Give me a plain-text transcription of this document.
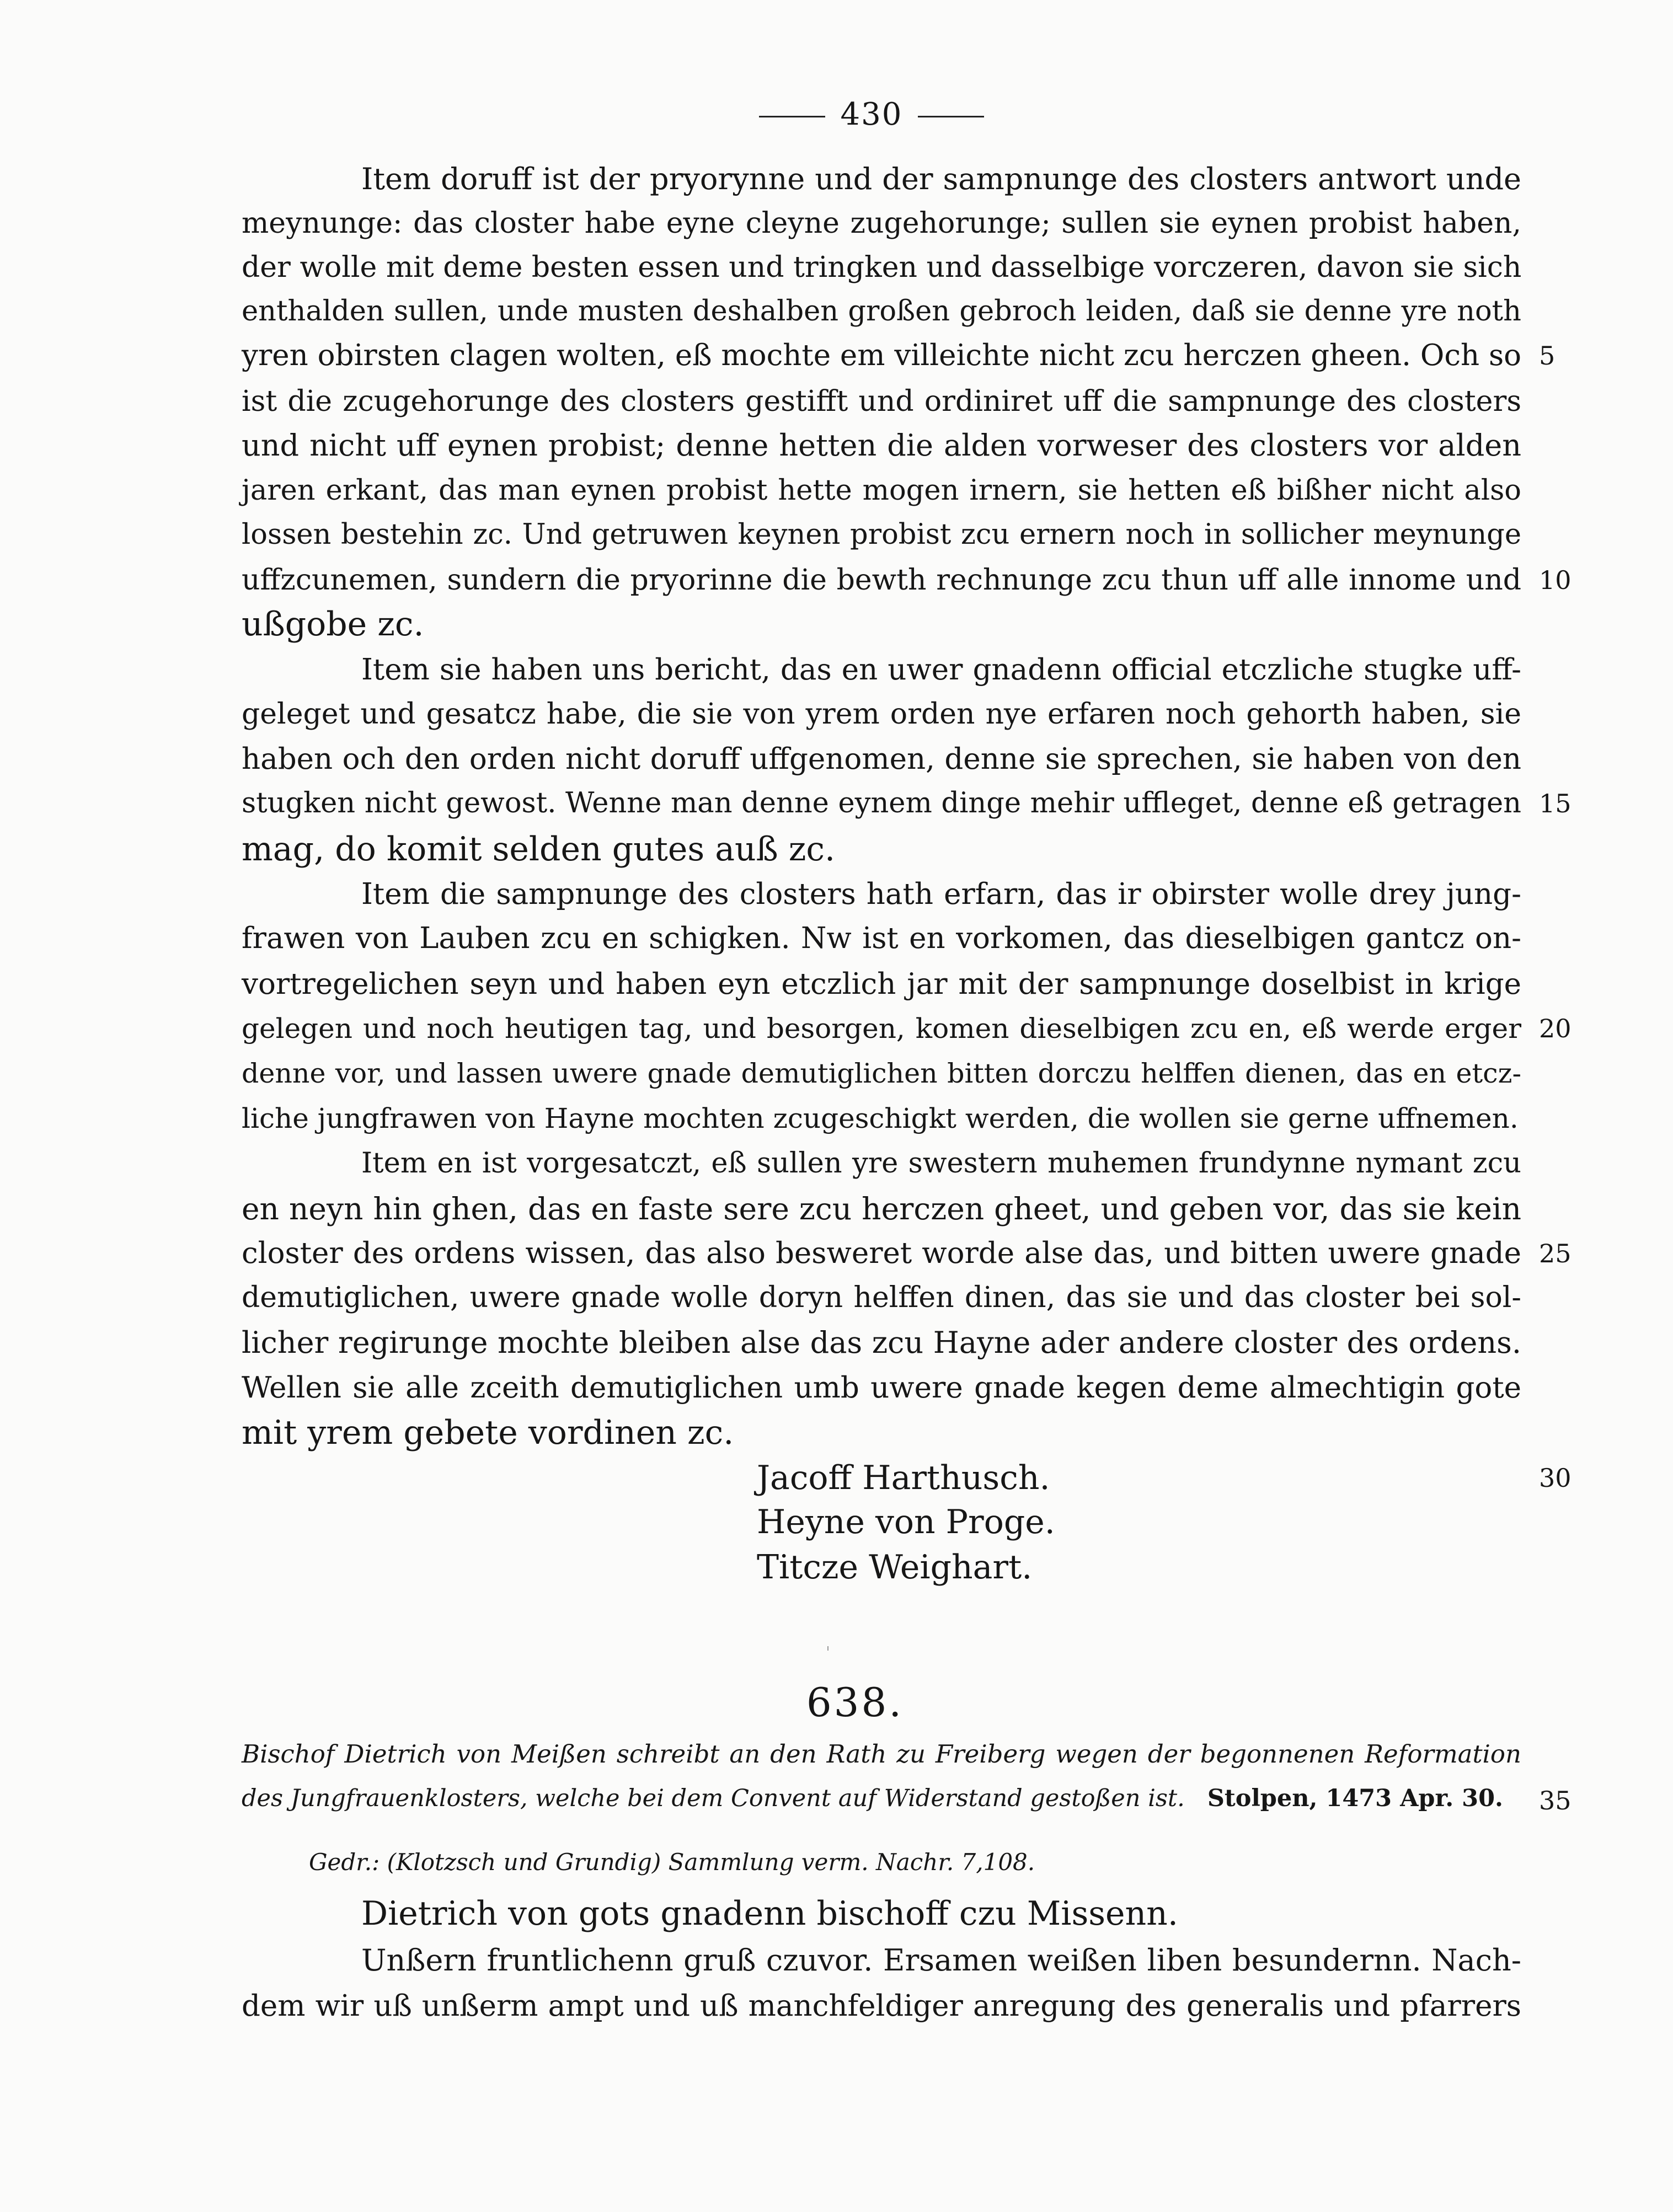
430
Item doruff ist der pryorynne und der sampnunge des closters antwort unde
meynunge: das closter habe eyne cleyne zugehorunge; sullen sie eynen probist haben,
der wolle mit deme besten essen und tringken und dasselbige vorczeren, davon sie sich
enthalden sullen, unde musten deshalben großen gebroch leiden, daß sie denne yre noth
yren obirsten clagen wolten, eß mochte em villeichte nicht zcu herczen gheen. Och so
ist die zcugehorunge des closters gestifft und ordiniret uff die sampnunge des closters
und nicht uff eynen probist; denne hetten die alden vorweser des closters vor alden
jaren erkant, das man eynen probist hette mogen irnern, sie hetten eß bißher nicht also
lossen bestehin zc. Und getruwen keynen probist zcu ernern noch in sollicher meynunge
uffzcunemen, sundern die pryorinne die bewth rechnunge zcu thun uff alle innome und
ußgobe zc.
Item sie haben uns bericht, das en uwer gnadenn official etczliche stugke uff-
geleget und gesatcz habe, die sie von yrem orden nye erfaren noch gehorth haben, sie
haben och den orden nicht doruff uffgenomen, denne sie sprechen, sie haben von den
stugken nicht gewost. Wenne man denne eynem dinge mehir uffleget, denne eß getragen
mag, do komit selden gutes auß zc.
Item die sampnunge des closters hath erfarn, das ir obirster wolle drey jung-
frawen von Lauben zcu en schigken. Nw ist en vorkomen, das dieselbigen gantcz on-
vortregelichen seyn und haben eyn etczlich jar mit der sampnunge doselbist in krige
gelegen und noch heutigen tag, und besorgen, komen dieselbigen zcu en, eß werde erger
denne vor, und lassen uwere gnade demutiglichen bitten dorczu helffen dienen, das en etcz-
liche jungfrawen von Hayne mochten zcugeschigkt werden, die wollen sie gerne uffnemen.
Item en ist vorgesatczt, eß sullen yre swestern muhemen frundynne nymant zcu
en neyn hin ghen, das en faste sere zcu herczen gheet, und geben vor, das sie kein
closter des ordens wissen, das also besweret worde alse das, und bitten uwere gnade
demutiglichen, uwere gnade wolle doryn helffen dinen, das sie und das closter bei sol-
licher regirunge mochte bleiben alse das zcu Hayne ader andere closter des ordens.
Wellen sie alle zceith demutiglichen umb uwere gnade kegen deme almechtigin gote
mit yrem gebete vordinen zc.
5
10
15
20
25
30
35
Jacoff Harthusch.
Heyne von Proge.
Titcze Weighart.
638.
Bischof Dietrich von Meißen schreibt an den Rath zu Freiberg wegen der begonnenen Reformation
des Jungfrauenklosters, welche bei dem Convent auf Widerstand gestoßen ist. Stolpen, 1473 Apr. 30.
Gedr.: (Klotzsch und Grundig) Sammlung verm. Nachr. 7,108.
Dietrich von gots gnadenn bischoff czu Missenn.
Unßern fruntlichenn gruß czuvor. Ersamen weißen liben besundernn. Nach-
dem wir uß unßerm ampt und uß manchfeldiger anregung des generalis und pfarrers
